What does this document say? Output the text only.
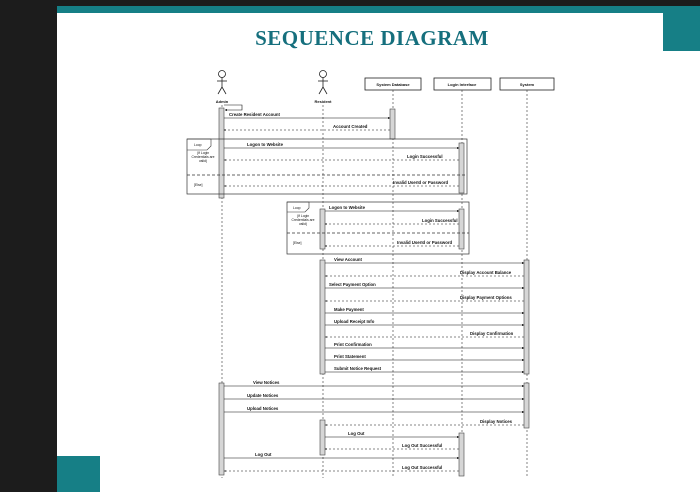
SEQUENCE DIAGRAM
Admin	Resident
System Database	Login Interface	System
Loop
(If Login Credentials are valid)
[Else]
Loop
(If Login Credentials are valid)
[Else]
Create Resident Account
Account Created
Logon to Website
Login Successful
Invalid UserId or Password
Logon to Website
Login Successful
Invalid UserId or Password
View Account
Display Account Balance
Select Payment Option
Display Payment Options
Make Payment
Upload Receipt Info
Display Confirmation
Print Confirmation
Print Statement
Submit Notice Request
View Notices
Update Notices
Upload Notices
Display Notices
Log Out
Log Out Successful
Log Out
Log Out Successful
